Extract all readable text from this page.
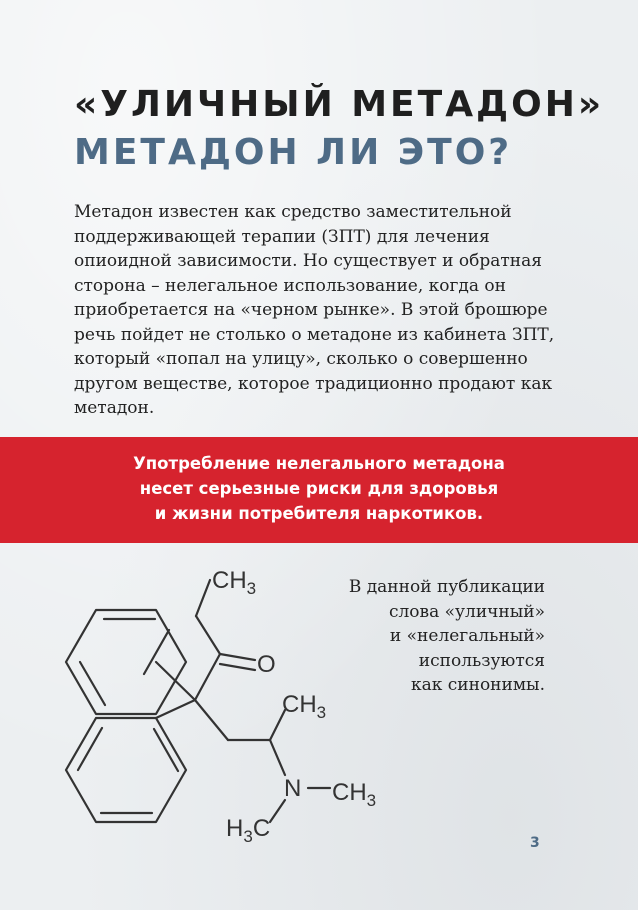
«УЛИЧНЫЙ МЕТАДОН»
МЕТАДОН ЛИ ЭТО?

Метадон известен как средство заместительной
поддерживающей терапии (ЗПТ) для лечения
опиоидной зависимости. Но существует и обратная
сторона – нелегальное использование, когда он
приобретается на «черном рынке». В этой брошюре
речь пойдет не столько о метадоне из кабинета ЗПТ,
который «попал на улицу», сколько о совершенно
другом веществе, которое традиционно продают как
метадон.

Употребление нелегального метадона
несет серьезные риски для здоровья
и жизни потребителя наркотиков.

$CH_3$
O
$CH_3$
N $CH_3$
$H_3C$

В данной публикации
слова «уличный»
и «нелегальный»
используются
как синонимы.

3
